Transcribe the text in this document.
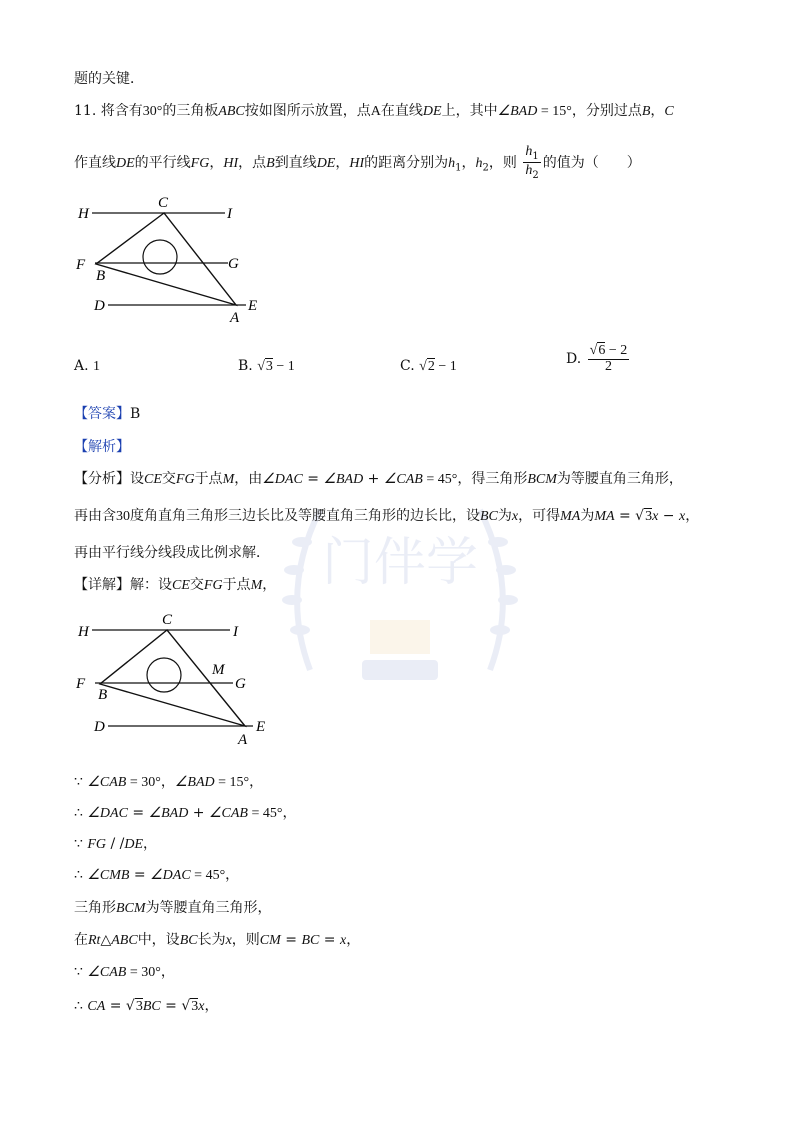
门伴学
题的关键．
11. 将含有30°的三角板ABC按如图所示放置，点A在直线DE上，其中∠BAD = 15°，分别过点B，C
作直线DE的平行线FG，HI，点B到直线DE，HI的距离分别为$h_1$，$h_2$，则 $\frac{h_1}{h_2}$ 的值为（　　）
H
C
I
F
B
G
D
A
E
A. 1	B. √3 − 1	C. √2 − 1	D. $\frac{√6 - 2}{2}$
【答案】B
【解析】
【分析】设CE交FG于点M，由∠DAC = ∠BAD + ∠CAB = 45°，得三角形BCM为等腰直角三角形，
再由含30度角直角三角形三边长比及等腰直角三角形的边长比，设BC为x，可得MA为MA = √3x − x，
再由平行线分线段成比例求解．
【详解】解：设CE交FG于点M，
H
C
I
F
B
M
G
D
A
E
∵ ∠CAB = 30°，∠BAD = 15°，
∴ ∠DAC = ∠BAD + ∠CAB = 45°，
∵ FG / /DE，
∴ ∠CMB = ∠DAC = 45°，
三角形BCM为等腰直角三角形，
在Rt△ABC中，设BC长为x，则CM = BC = x，
∵ ∠CAB = 30°，
∴ CA = √3BC = √3x，
